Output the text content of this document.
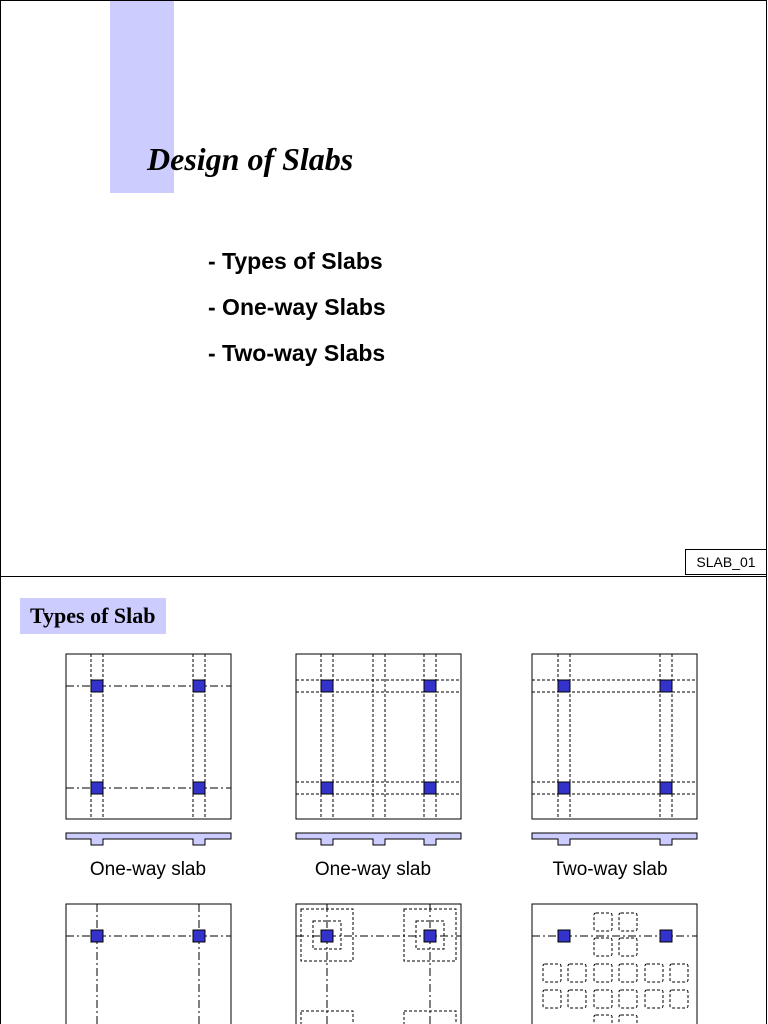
Design of Slabs
- Types of Slabs
- One-way Slabs
- Two-way Slabs
SLAB_01
Types of Slab
One-way slab	One-way slab	Two-way slab
